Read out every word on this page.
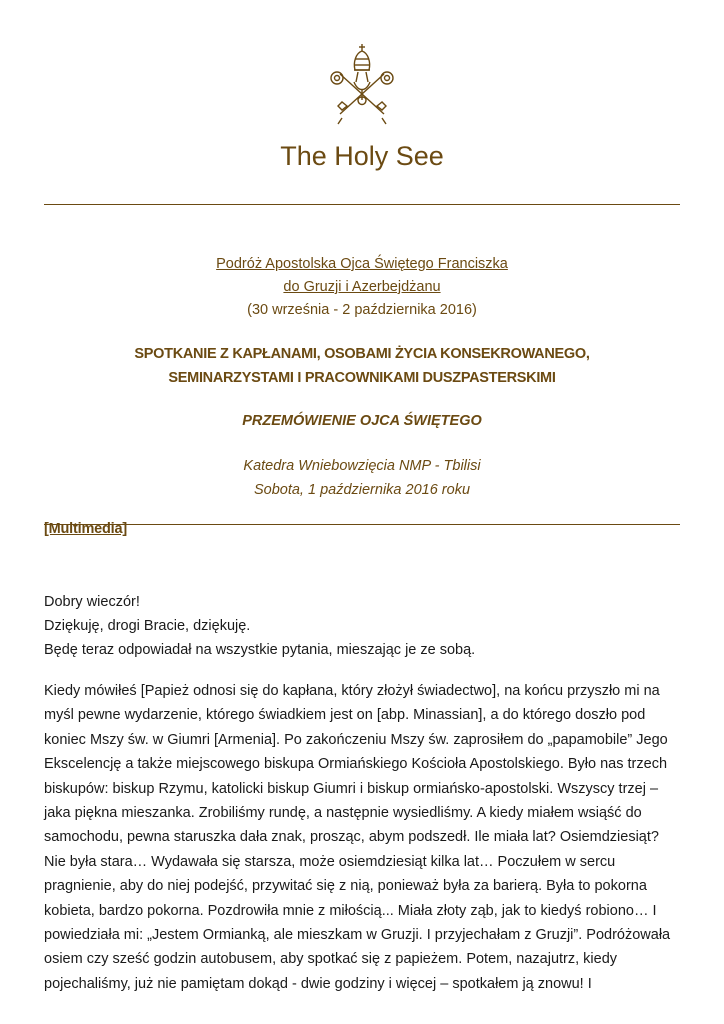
The Holy See
Podróż Apostolska Ojca Świętego Franciszka
do Gruzji i Azerbejdżanu
(30 września - 2 października 2016)
SPOTKANIE Z KAPŁANAMI, OSOBAMI ŻYCIA KONSEKROWANEGO,
SEMINARZYSTAMI I PRACOWNIKAMI DUSZPASTERSKIMI
PRZEMÓWIENIE OJCA ŚWIĘTEGO
Katedra Wniebowzięcia NMP - Tbilisi
Sobota, 1 października 2016 roku
[Multimedia]
Dobry wieczór!
Dziękuję, drogi Bracie, dziękuję.
Będę teraz odpowiadał na wszystkie pytania, mieszając je ze sobą.
Kiedy mówiłeś [Papież odnosi się do kapłana, który złożył świadectwo], na końcu przyszło mi na
myśl pewne wydarzenie, którego świadkiem jest on [abp. Minassian], a do którego doszło pod
koniec Mszy św. w Giumri [Armenia]. Po zakończeniu Mszy św. zaprosiłem do „papamobile” Jego
Ekscelencję a także miejscowego biskupa Ormiańskiego Kościoła Apostolskiego. Było nas trzech
biskupów: biskup Rzymu, katolicki biskup Giumri i biskup ormiańsko-apostolski. Wszyscy trzej –
jaka piękna mieszanka. Zrobiliśmy rundę, a następnie wysiedliśmy. A kiedy miałem wsiąść do
samochodu, pewna staruszka dała znak, prosząc, abym podszedł. Ile miała lat? Osiemdziesiąt?
Nie była stara… Wydawała się starsza, może osiemdziesiąt kilka lat… Poczułem w sercu
pragnienie, aby do niej podejść, przywitać się z nią, ponieważ była za barierą. Była to pokorna
kobieta, bardzo pokorna. Pozdrowiła mnie z miłością... Miała złoty ząb, jak to kiedyś robiono… I
powiedziała mi: „Jestem Ormianką, ale mieszkam w Gruzji. I przyjechałam z Gruzji”. Podróżowała
osiem czy sześć godzin autobusem, aby spotkać się z papieżem. Potem, nazajutrz, kiedy
pojechaliśmy, już nie pamiętam dokąd - dwie godziny i więcej – spotkałem ją znowu! I
